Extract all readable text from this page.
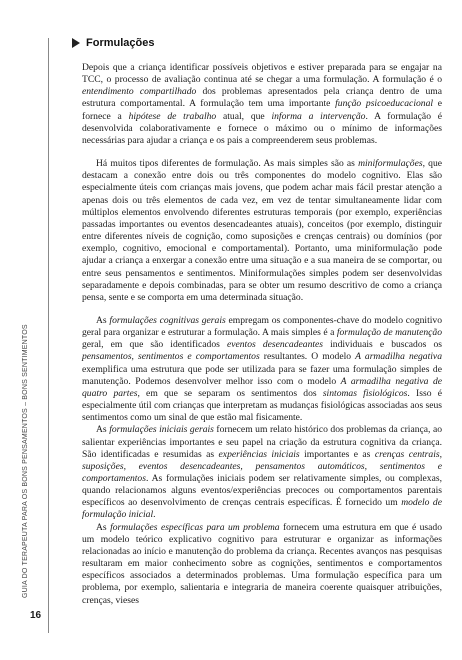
GUIA DO TERAPEUTA PARA OS BONS PENSAMENTOS – BONS SENTIMENTOS
Formulações

Depois que a criança identificar possíveis objetivos e estiver preparada para se engajar na TCC, o processo de avaliação continua até se chegar a uma formulação. A formulação é o entendimento compartilhado dos problemas apresentados pela criança dentro de uma estrutura comportamental. A formulação tem uma importante função psicoeducacional e fornece a hipótese de trabalho atual, que informa a intervenção. A formulação é desenvolvida colaborativamente e fornece o máximo ou o mínimo de informações necessárias para ajudar a criança e os pais a compreenderem seus problemas.

Há muitos tipos diferentes de formulação. As mais simples são as miniformulações, que destacam a conexão entre dois ou três componentes do modelo cognitivo. Elas são especialmente úteis com crianças mais jovens, que podem achar mais fácil prestar atenção a apenas dois ou três elementos de cada vez, em vez de tentar simultaneamente lidar com múltiplos elementos envolvendo diferentes estruturas temporais (por exemplo, experiências passadas importantes ou eventos desencadeantes atuais), conceitos (por exemplo, distinguir entre diferentes níveis de cognição, como suposições e crenças centrais) ou domínios (por exemplo, cognitivo, emocional e comportamental). Portanto, uma miniformulação pode ajudar a criança a enxergar a conexão entre uma situação e a sua maneira de se comportar, ou entre seus pensamentos e sentimentos. Miniformulações simples podem ser desenvolvidas separadamente e depois combinadas, para se obter um resumo descritivo de como a criança pensa, sente e se comporta em uma determinada situação.

As formulações cognitivas gerais empregam os componentes-chave do modelo cognitivo geral para organizar e estruturar a formulação. A mais simples é a formulação de manutenção geral, em que são identificados eventos desencadeantes individuais e buscados os pensamentos, sentimentos e comportamentos resultantes. O modelo A armadilha negativa exemplifica uma estrutura que pode ser utilizada para se fazer uma formulação simples de manutenção. Podemos desenvolver melhor isso com o modelo A armadilha negativa de quatro partes, em que se separam os sentimentos dos sintomas fisiológicos. Isso é especialmente útil com crianças que interpretam as mudanças fisiológicas associadas aos seus sentimentos como um sinal de que estão mal fisicamente.

As formulações iniciais gerais fornecem um relato histórico dos problemas da criança, ao salientar experiências importantes e seu papel na criação da estrutura cognitiva da criança. São identificadas e resumidas as experiências iniciais importantes e as crenças centrais, suposições, eventos desencadeantes, pensamentos automáticos, sentimentos e comportamentos. As formulações iniciais podem ser relativamente simples, ou complexas, quando relacionamos alguns eventos/experiências precoces ou comportamentos parentais específicos ao desenvolvimento de crenças centrais específicas. É fornecido um modelo de formulação inicial.

As formulações específicas para um problema fornecem uma estrutura em que é usado um modelo teórico explicativo cognitivo para estruturar e organizar as informações relacionadas ao início e manutenção do problema da criança. Recentes avanços nas pesquisas resultaram em maior conhecimento sobre as cognições, sentimentos e comportamentos específicos associados a determinados problemas. Uma formulação específica para um problema, por exemplo, salientaria e integraria de maneira coerente quaisquer atribuições, crenças, vieses

16
